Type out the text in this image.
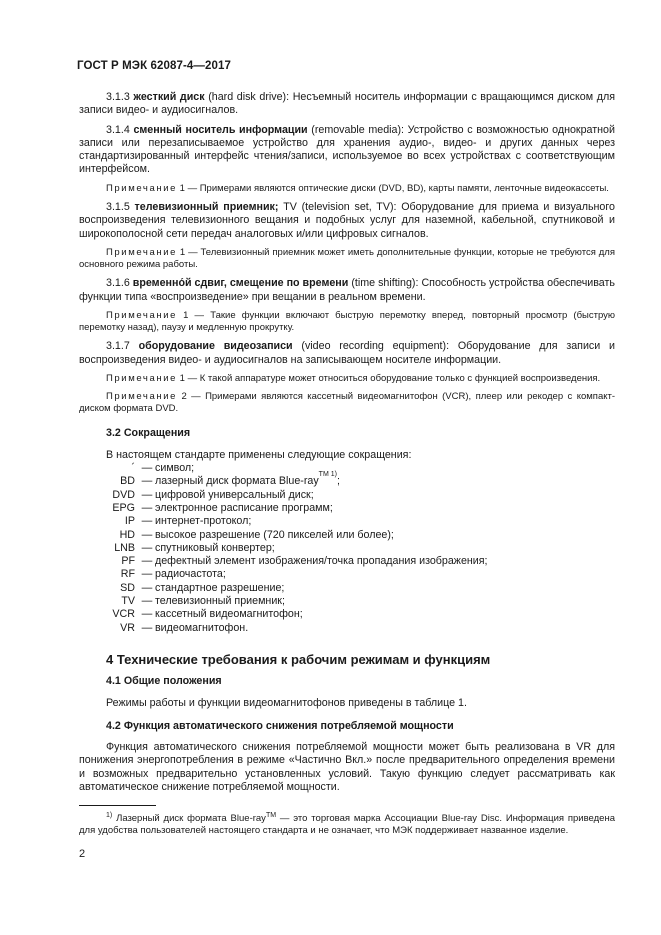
ГОСТ Р МЭК 62087-4—2017

3.1.3 жесткий диск (hard disk drive): Несъемный носитель информации с вращающимся диском для записи видео- и аудиосигналов.

3.1.4 сменный носитель информации (removable media): Устройство с возможностью однократной записи или перезаписываемое устройство для хранения аудио-, видео- и других данных через стандартизированный интерфейс чтения/записи, используемое во всех устройствах с соответствующим интерфейсом.

Примечание 1 — Примерами являются оптические диски (DVD, BD), карты памяти, ленточные видеокассеты.

3.1.5 телевизионный приемник; TV (television set, TV): Оборудование для приема и визуального воспроизведения телевизионного вещания и подобных услуг для наземной, кабельной, спутниковой и широкополосной сети передач аналоговых и/или цифровых сигналов.

Примечание 1 — Телевизионный приемник может иметь дополнительные функции, которые не требуются для основного режима работы.

3.1.6 временно́й сдвиг, смещение по времени (time shifting): Способность устройства обеспечивать функции типа «воспроизведение» при вещании в реальном времени.

Примечание 1 — Такие функции включают быструю перемотку вперед, повторный просмотр (быструю перемотку назад), паузу и медленную прокрутку.

3.1.7 оборудование видеозаписи (video recording equipment): Оборудование для записи и воспроизведения видео- и аудиосигналов на записывающем носителе информации.

Примечание 1 — К такой аппаратуре может относиться оборудование только с функцией воспроизведения.

Примечание 2 — Примерами являются кассетный видеомагнитофон (VCR), плеер или рекодер с компакт-диском формата DVD.

3.2 Сокращения

В настоящем стандарте применены следующие сокращения:

´ — символ;
BD — лазерный диск формата Blue-ray
TM 1)
;
DVD — цифровой универсальный диск;
EPG — электронное расписание программ;
IP — интернет-протокол;
HD — высокое разрешение (720 пикселей или более);
LNB — спутниковый конвертер;
PF — дефектный элемент изображения/точка пропадания изображения;
RF — радиочастота;
SD — стандартное разрешение;
TV — телевизионный приемник;
VCR — кассетный видеомагнитофон;
VR — видеомагнитофон.
4 Технические требования к рабочим режимам и функциям
4.1 Общие положения

Режимы работы и функции видеомагнитофонов приведены в таблице 1.

4.2 Функция автоматического снижения потребляемой мощности

Функция автоматического снижения потребляемой мощности может быть реализована в VR для понижения энергопотребления в режиме «Частично Вкл.» после предварительного определения времени и возможных предварительно установленных условий. Такую функцию следует рассматривать как автоматическое снижение потребляемой мощности.

$^{1)}$ Лазерный диск формата Blue-ray™ — это торговая марка Ассоциации Blue-ray Disc. Информация приведена для удобства пользователей настоящего стандарта и не означает, что МЭК поддерживает названное изделие.
2
